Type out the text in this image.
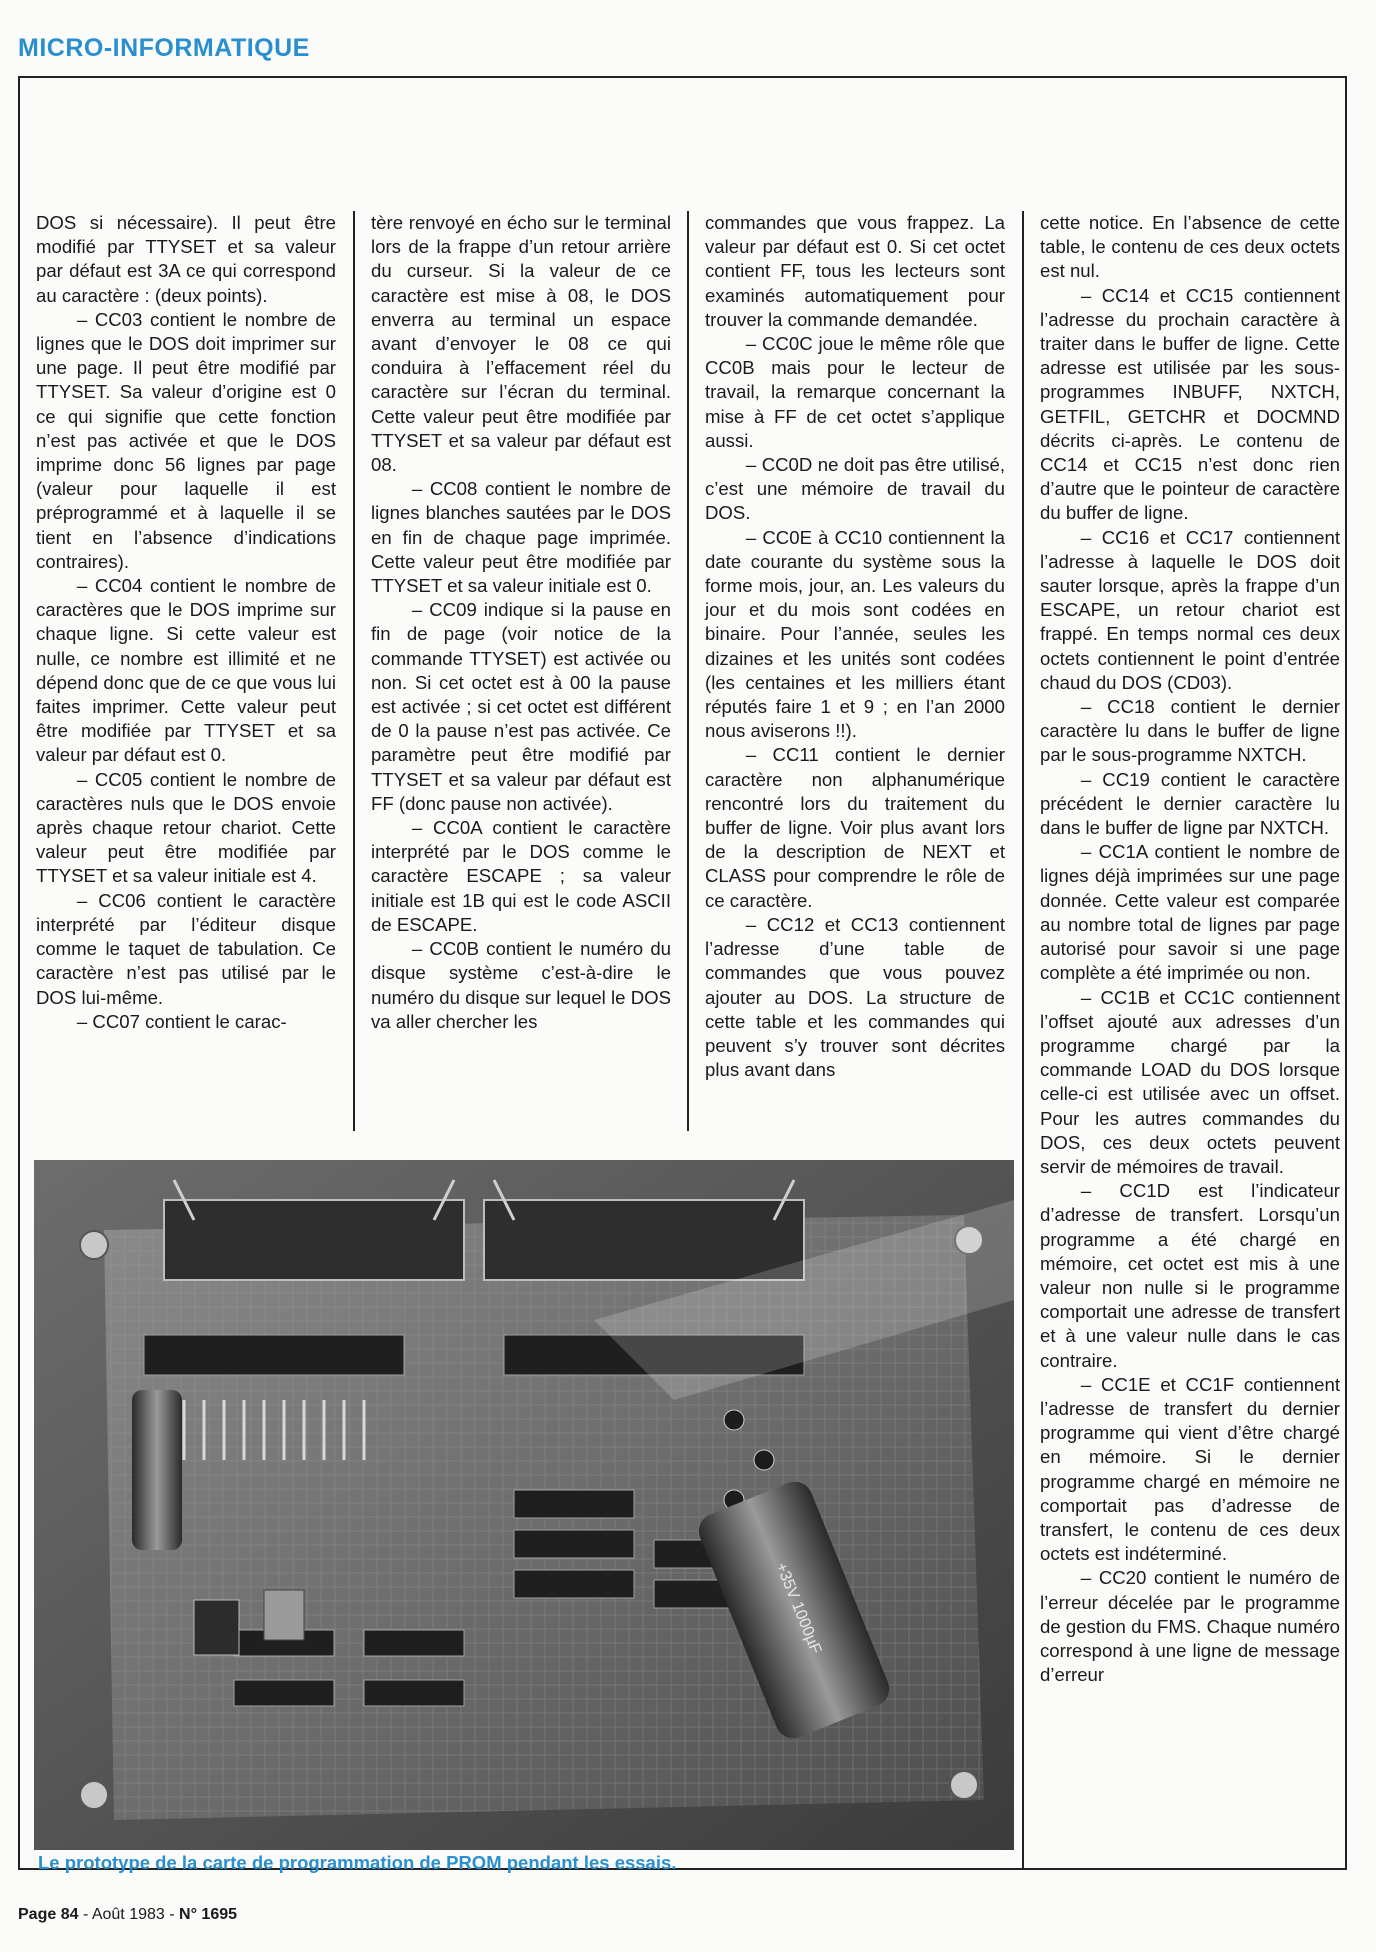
MICRO-INFORMATIQUE

DOS si nécessaire). Il peut être modifié par TTYSET et sa valeur par défaut est 3A ce qui correspond au caractère : (deux points).

– CC03 contient le nombre de lignes que le DOS doit imprimer sur une page. Il peut être modifié par TTYSET. Sa valeur d’origine est 0 ce qui signifie que cette fonction n’est pas activée et que le DOS imprime donc 56 lignes par page (valeur pour laquelle il est préprogrammé et à laquelle il se tient en l’absence d’indications contraires).

– CC04 contient le nombre de caractères que le DOS imprime sur chaque ligne. Si cette valeur est nulle, ce nombre est illimité et ne dépend donc que de ce que vous lui faites imprimer. Cette valeur peut être modifiée par TTYSET et sa valeur par défaut est 0.

– CC05 contient le nombre de caractères nuls que le DOS envoie après chaque retour chariot. Cette valeur peut être modifiée par TTYSET et sa valeur initiale est 4.

– CC06 contient le caractère interprété par l’éditeur disque comme le taquet de tabulation. Ce caractère n’est pas utilisé par le DOS lui-même.

– CC07 contient le carac-

tère renvoyé en écho sur le terminal lors de la frappe d’un retour arrière du curseur. Si la valeur de ce caractère est mise à 08, le DOS enverra au terminal un espace avant d’envoyer le 08 ce qui conduira à l’effacement réel du caractère sur l’écran du terminal. Cette valeur peut être modifiée par TTYSET et sa valeur par défaut est 08.

– CC08 contient le nombre de lignes blanches sautées par le DOS en fin de chaque page imprimée. Cette valeur peut être modifiée par TTYSET et sa valeur initiale est 0.

– CC09 indique si la pause en fin de page (voir notice de la commande TTYSET) est activée ou non. Si cet octet est à 00 la pause est activée ; si cet octet est différent de 0 la pause n’est pas activée. Ce paramètre peut être modifié par TTYSET et sa valeur par défaut est FF (donc pause non activée).

– CC0A contient le caractère interprété par le DOS comme le caractère ESCAPE ; sa valeur initiale est 1B qui est le code ASCII de ESCAPE.

– CC0B contient le numéro du disque système c’est-à-dire le numéro du disque sur lequel le DOS va aller chercher les

commandes que vous frappez. La valeur par défaut est 0. Si cet octet contient FF, tous les lecteurs sont examinés automatiquement pour trouver la commande demandée.

– CC0C joue le même rôle que CC0B mais pour le lecteur de travail, la remarque concernant la mise à FF de cet octet s’applique aussi.

– CC0D ne doit pas être utilisé, c’est une mémoire de travail du DOS.

– CC0E à CC10 contiennent la date courante du système sous la forme mois, jour, an. Les valeurs du jour et du mois sont codées en binaire. Pour l’année, seules les dizaines et les unités sont codées (les centaines et les milliers étant réputés faire 1 et 9 ; en l’an 2000 nous aviserons !!).

– CC11 contient le dernier caractère non alphanumérique rencontré lors du traitement du buffer de ligne. Voir plus avant lors de la description de NEXT et CLASS pour comprendre le rôle de ce caractère.

– CC12 et CC13 contiennent l’adresse d’une table de commandes que vous pouvez ajouter au DOS. La structure de cette table et les commandes qui peuvent s’y trouver sont décrites plus avant dans

cette notice. En l’absence de cette table, le contenu de ces deux octets est nul.

– CC14 et CC15 contiennent l’adresse du prochain caractère à traiter dans le buffer de ligne. Cette adresse est utilisée par les sous-programmes INBUFF, NXTCH, GETFIL, GETCHR et DOCMND décrits ci-après. Le contenu de CC14 et CC15 n’est donc rien d’autre que le pointeur de caractère du buffer de ligne.

– CC16 et CC17 contiennent l’adresse à laquelle le DOS doit sauter lorsque, après la frappe d’un ESCAPE, un retour chariot est frappé. En temps normal ces deux octets contiennent le point d’entrée chaud du DOS (CD03).

– CC18 contient le dernier caractère lu dans le buffer de ligne par le sous-programme NXTCH.

– CC19 contient le caractère précédent le dernier caractère lu dans le buffer de ligne par NXTCH.

– CC1A contient le nombre de lignes déjà imprimées sur une page donnée. Cette valeur est comparée au nombre total de lignes par page autorisé pour savoir si une page complète a été imprimée ou non.

– CC1B et CC1C contiennent l’offset ajouté aux adresses d’un programme chargé par la commande LOAD du DOS lorsque celle-ci est utilisée avec un offset. Pour les autres commandes du DOS, ces deux octets peuvent servir de mémoires de travail.

– CC1D est l’indicateur d’adresse de transfert. Lorsqu’un programme a été chargé en mémoire, cet octet est mis à une valeur non nulle si le programme comportait une adresse de transfert et à une valeur nulle dans le cas contraire.

– CC1E et CC1F contiennent l’adresse de transfert du dernier programme qui vient d’être chargé en mémoire. Si le dernier programme chargé en mémoire ne comportait pas d’adresse de transfert, le contenu de ces deux octets est indéterminé.

– CC20 contient le numéro de l’erreur décelée par le programme de gestion du FMS. Chaque numéro correspond à une ligne de message d’erreur

+35V 1000µF
Le prototype de la carte de programmation de PROM pendant les essais.
Page 84 - Août 1983 - N° 1695
